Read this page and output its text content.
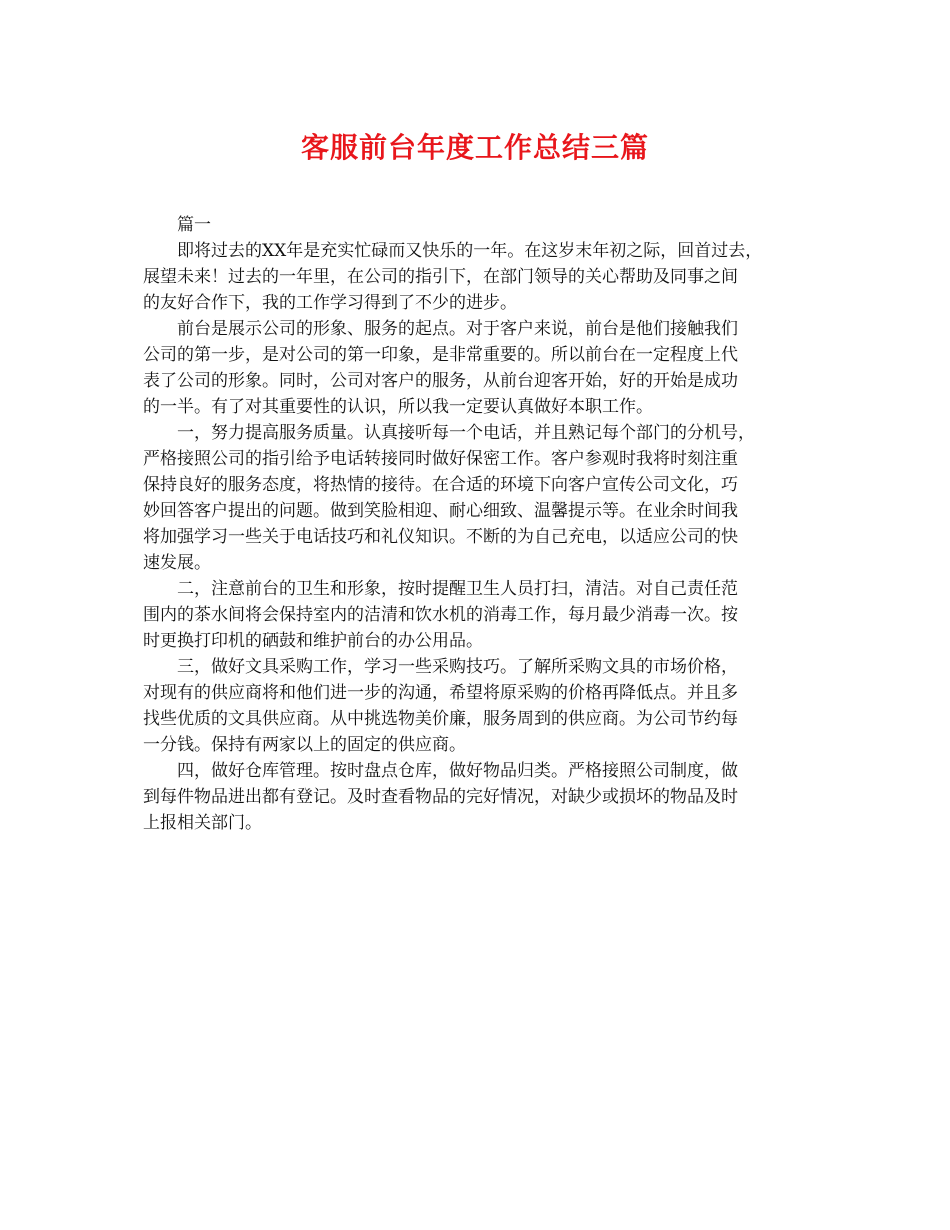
客服前台年度工作总结三篇
篇一
即将过去的XX年是充实忙碌而又快乐的一年。在这岁末年初之际，回首过去，
展望未来！过去的一年里，在公司的指引下，在部门领导的关心帮助及同事之间
的友好合作下，我的工作学习得到了不少的进步。
前台是展示公司的形象、服务的起点。对于客户来说，前台是他们接触我们
公司的第一步，是对公司的第一印象，是非常重要的。所以前台在一定程度上代
表了公司的形象。同时，公司对客户的服务，从前台迎客开始，好的开始是成功
的一半。有了对其重要性的认识，所以我一定要认真做好本职工作。
一，努力提高服务质量。认真接听每一个电话，并且熟记每个部门的分机号，
严格接照公司的指引给予电话转接同时做好保密工作。客户参观时我将时刻注重
保持良好的服务态度，将热情的接待。在合适的环境下向客户宣传公司文化，巧
妙回答客户提出的问题。做到笑脸相迎、耐心细致、温馨提示等。在业余时间我
将加强学习一些关于电话技巧和礼仪知识。不断的为自己充电，以适应公司的快
速发展。
二，注意前台的卫生和形象，按时提醒卫生人员打扫，清洁。对自己责任范
围内的茶水间将会保持室内的洁清和饮水机的消毒工作，每月最少消毒一次。按
时更换打印机的硒鼓和维护前台的办公用品。
三，做好文具采购工作，学习一些采购技巧。了解所采购文具的市场价格，
对现有的供应商将和他们进一步的沟通，希望将原采购的价格再降低点。并且多
找些优质的文具供应商。从中挑选物美价廉，服务周到的供应商。为公司节约每
一分钱。保持有两家以上的固定的供应商。
四，做好仓库管理。按时盘点仓库，做好物品归类。严格接照公司制度，做
到每件物品进出都有登记。及时查看物品的完好情况，对缺少或损坏的物品及时
上报相关部门。
